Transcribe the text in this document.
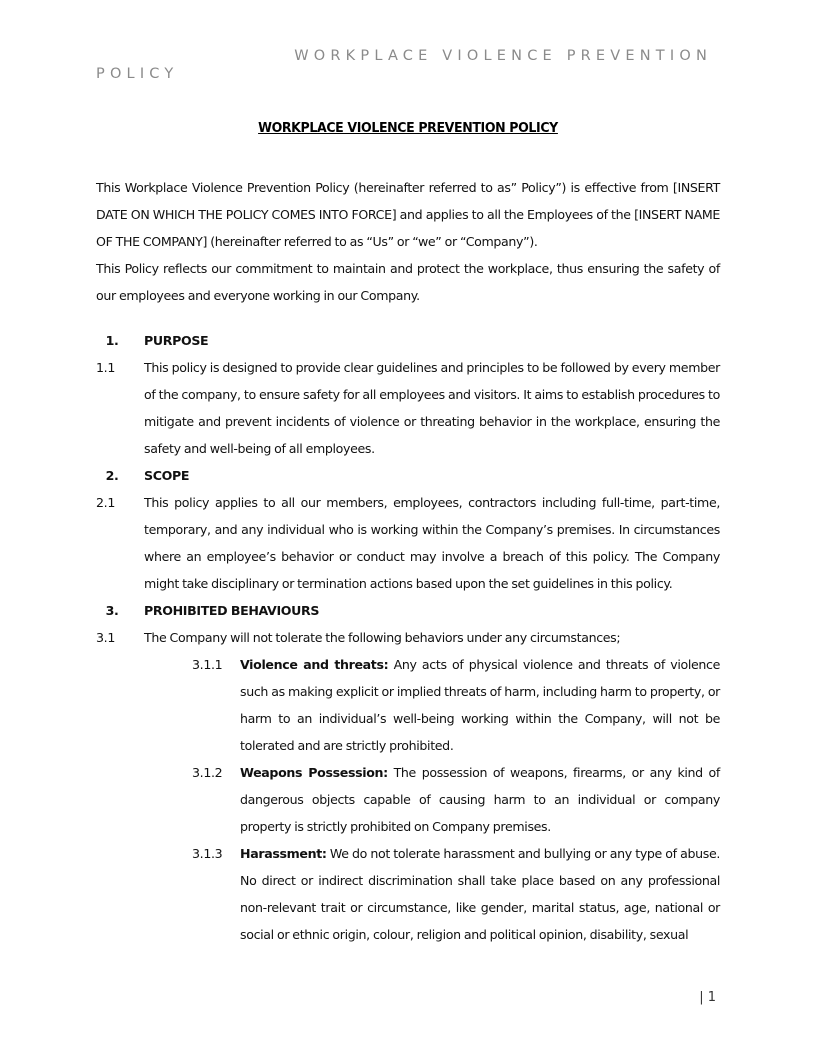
WORKPLACE VIOLENCE PREVENTION
POLICY
WORKPLACE VIOLENCE PREVENTION POLICY

This Workplace Violence Prevention Policy (hereinafter referred to as” Policy”) is effective from [INSERT DATE ON WHICH THE POLICY COMES INTO FORCE] and applies to all the Employees of the [INSERT NAME OF THE COMPANY] (hereinafter referred to as “Us” or “we” or “Company”).

This Policy reflects our commitment to maintain and protect the workplace, thus ensuring the safety of our employees and everyone working in our Company.

1.	PURPOSE
1.1	This policy is designed to provide clear guidelines and principles to be followed by every member of the company, to ensure safety for all employees and visitors. It aims to establish procedures to mitigate and prevent incidents of violence or threating behavior in the workplace, ensuring the safety and well-being of all employees.
2.	SCOPE
2.1	This policy applies to all our members, employees, contractors including full-time, part-time, temporary, and any individual who is working within the Company’s premises. In circumstances where an employee’s behavior or conduct may involve a breach of this policy. The Company might take disciplinary or termination actions based upon the set guidelines in this policy.
3.	PROHIBITED BEHAVIOURS
3.1	The Company will not tolerate the following behaviors under any circumstances;
3.1.1	Violence and threats: Any acts of physical violence and threats of violence such as making explicit or implied threats of harm, including harm to property, or harm to an individual’s well-being working within the Company, will not be tolerated and are strictly prohibited.
3.1.2	Weapons Possession: The possession of weapons, firearms, or any kind of dangerous objects capable of causing harm to an individual or company property is strictly prohibited on Company premises.
3.1.3	Harassment: We do not tolerate harassment and bullying or any type of abuse. No direct or indirect discrimination shall take place based on any professional non-relevant trait or circumstance, like gender, marital status, age, national or social or ethnic origin, colour, religion and political opinion, disability, sexual
| 1
